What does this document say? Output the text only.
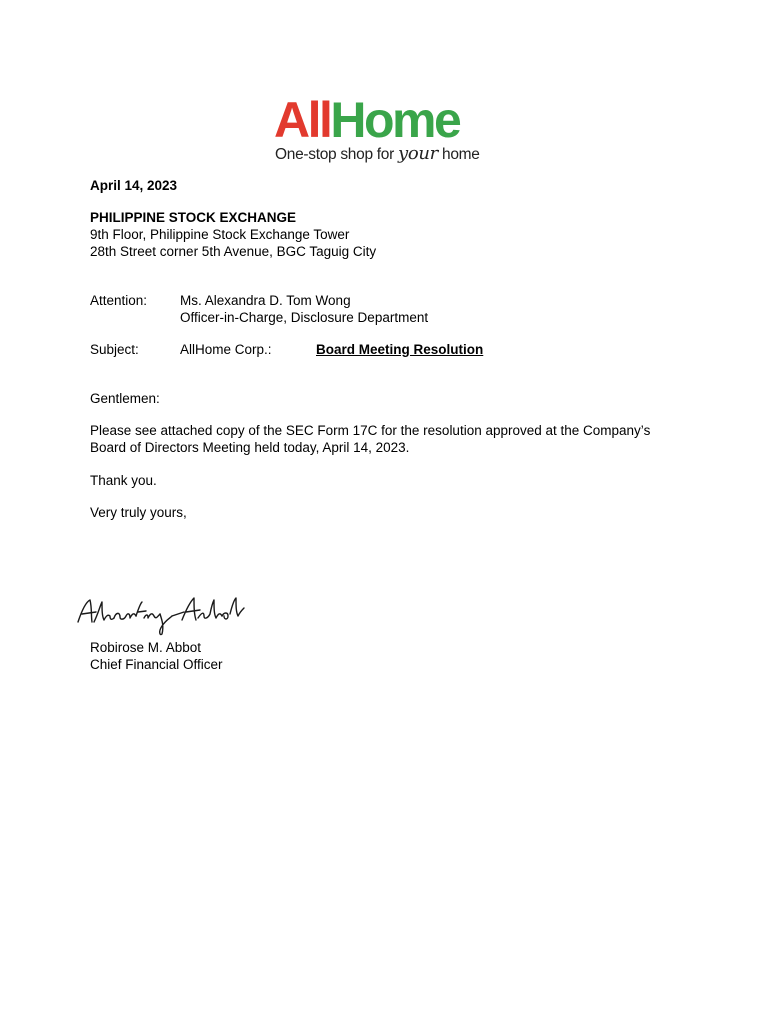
AllHome
One-stop shop for your home
April 14, 2023
PHILIPPINE STOCK EXCHANGE
9th Floor, Philippine Stock Exchange Tower
28th Street corner 5th Avenue, BGC Taguig City
Attention: Ms. Alexandra D. Tom Wong
Officer-in-Charge, Disclosure Department
Subject:	AllHome Corp.:	Board Meeting Resolution
Gentlemen:
Please see attached copy of the SEC Form 17C for the resolution approved at the Company’s
Board of Directors Meeting held today, April 14, 2023.
Thank you.
Very truly yours,
Robirose M. Abbot
Chief Financial Officer
